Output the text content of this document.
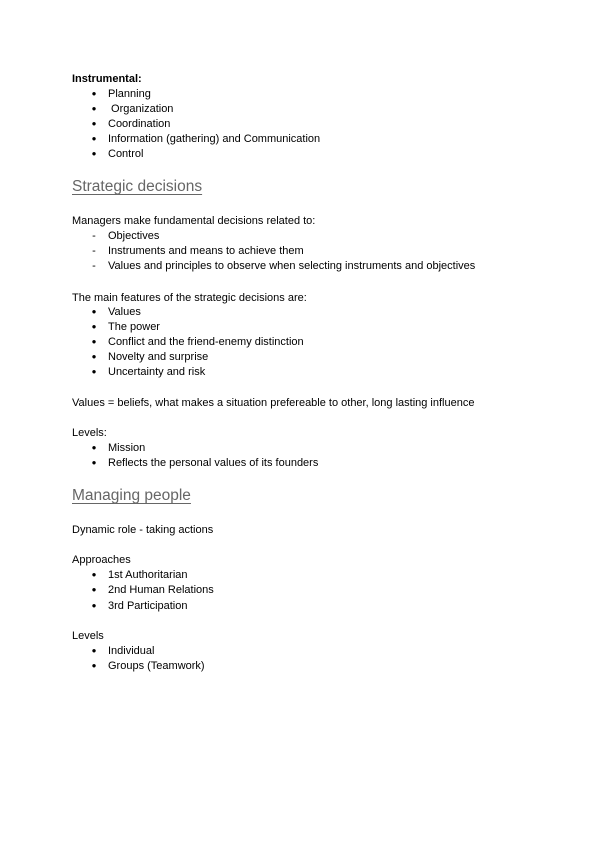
Instrumental:
● Planning
● Organization
● Coordination
● Information (gathering) and Communication
● Control
Strategic decisions
Managers make fundamental decisions related to:
- Objectives
- Instruments and means to achieve them
- Values and principles to observe when selecting instruments and objectives
The main features of the strategic decisions are:
● Values
● The power
● Conflict and the friend-enemy distinction
● Novelty and surprise
● Uncertainty and risk
Values = beliefs, what makes a situation prefereable to other, long lasting influence
Levels:
● Mission
● Reflects the personal values of its founders
Managing people
Dynamic role - taking actions
Approaches
● 1st Authoritarian
● 2nd Human Relations
● 3rd Participation
Levels
● Individual
● Groups (Teamwork)
